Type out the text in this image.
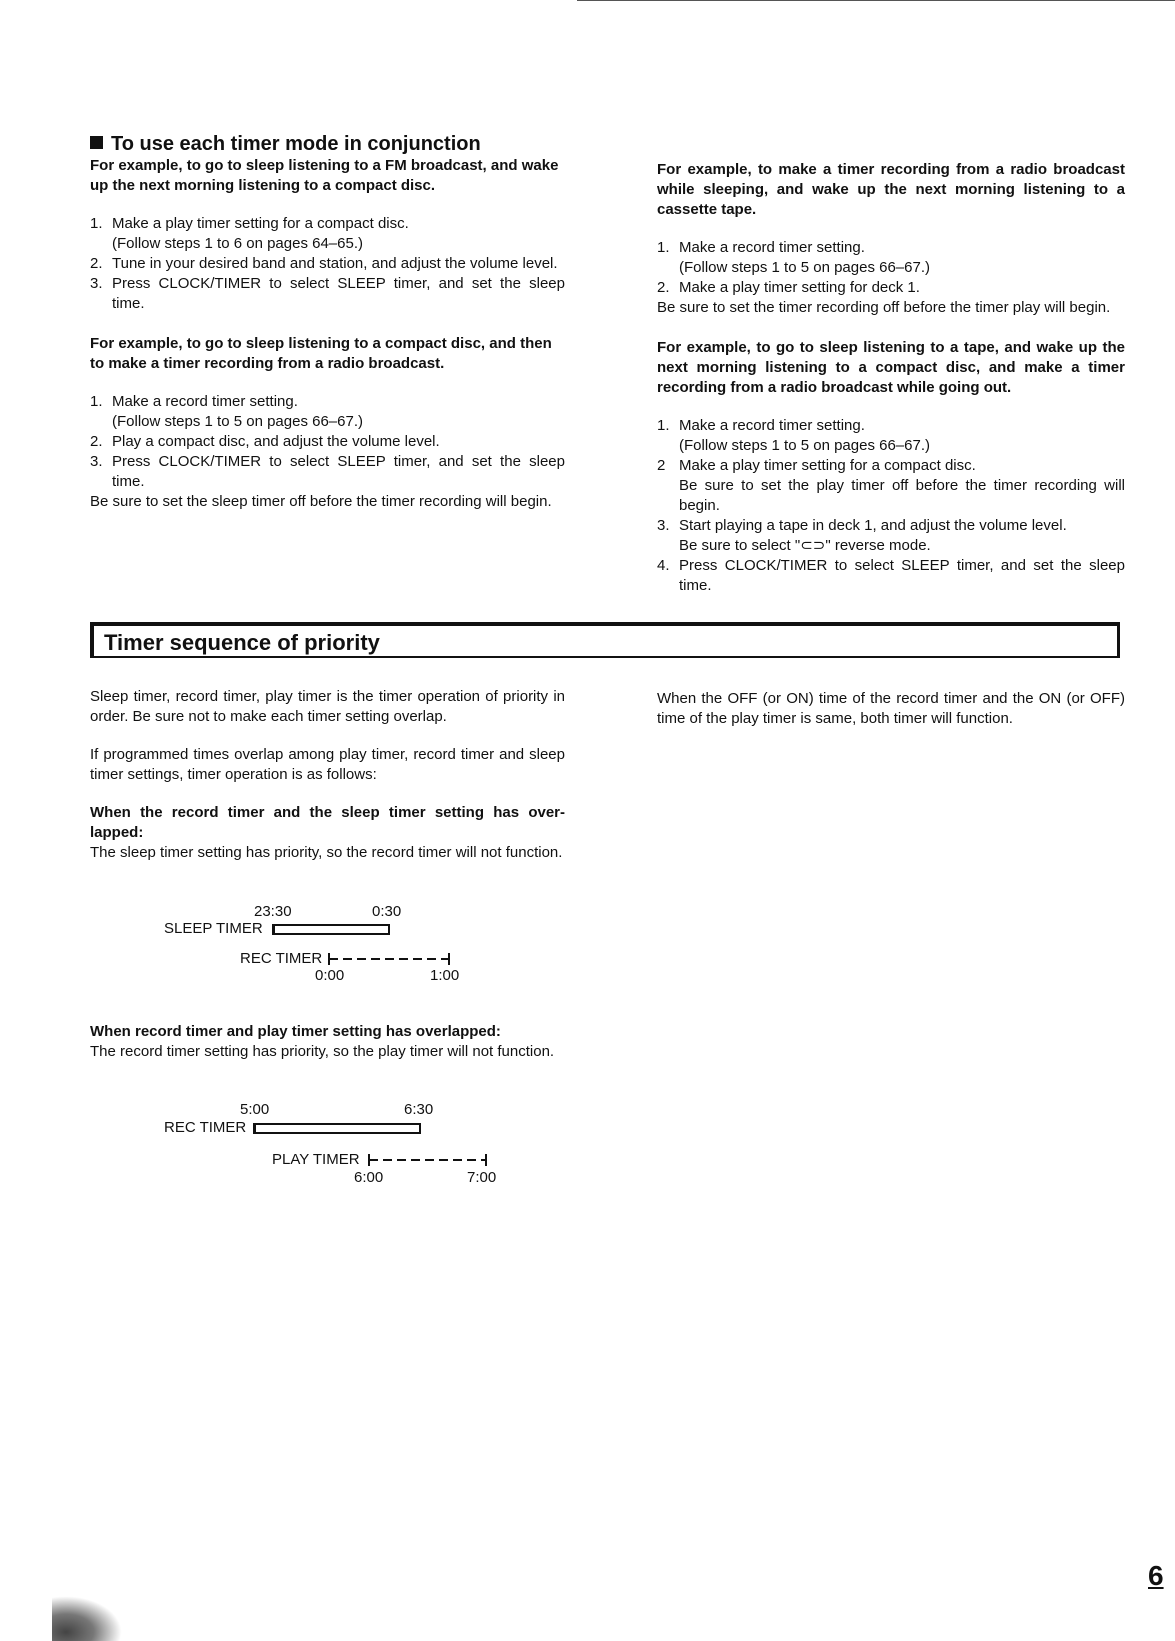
To use each timer mode in conjunction

For example, to go to sleep listening to a FM broadcast, and wake up the next morning listening to a compact disc.

1. Make a play timer setting for a compact disc.
(Follow steps 1 to 6 on pages 64–65.)
2. Tune in your desired band and station, and adjust the volume level.
3. Press CLOCK/TIMER to select SLEEP timer, and set the sleep time.

For example, to go to sleep listening to a compact disc, and then to make a timer recording from a radio broadcast.

1. Make a record timer setting.
(Follow steps 1 to 5 on pages 66–67.)
2. Play a compact disc, and adjust the volume level.
3. Press CLOCK/TIMER to select SLEEP timer, and set the sleep time.

Be sure to set the sleep timer off before the timer recording will begin.

For example, to make a timer recording from a radio broadcast while sleeping, and wake up the next morning listening to a cassette tape.

1. Make a record timer setting.
(Follow steps 1 to 5 on pages 66–67.)
2. Make a play timer setting for deck 1.

Be sure to set the timer recording off before the timer play will begin.

For example, to go to sleep listening to a tape, and wake up the next morning listening to a compact disc, and make a timer recording from a radio broadcast while going out.

1. Make a record timer setting.
(Follow steps 1 to 5 on pages 66–67.)
2 Make a play timer setting for a compact disc.
Be sure to set the play timer off before the timer recording will begin.
3. Start playing a tape in deck 1, and adjust the volume level.
Be sure to select "⊂⊃" reverse mode.
4. Press CLOCK/TIMER to select SLEEP timer, and set the sleep time.
Timer sequence of priority

Sleep timer, record timer, play timer is the timer operation of priority in order. Be sure not to make each timer setting overlap.

If programmed times overlap among play timer, record timer and sleep timer settings, timer operation is as follows:

When the record timer and the sleep timer setting has over-lapped:

The sleep timer setting has priority, so the record timer will not function.

23:30	0:30
SLEEP TIMER
REC TIMER
0:00	1:00

When record timer and play timer setting has overlapped:

The record timer setting has priority, so the play timer will not function.

5:00	6:30
REC TIMER
PLAY TIMER
6:00	7:00

When the OFF (or ON) time of the record timer and the ON (or OFF) time of the play timer is same, both timer will function.

6
